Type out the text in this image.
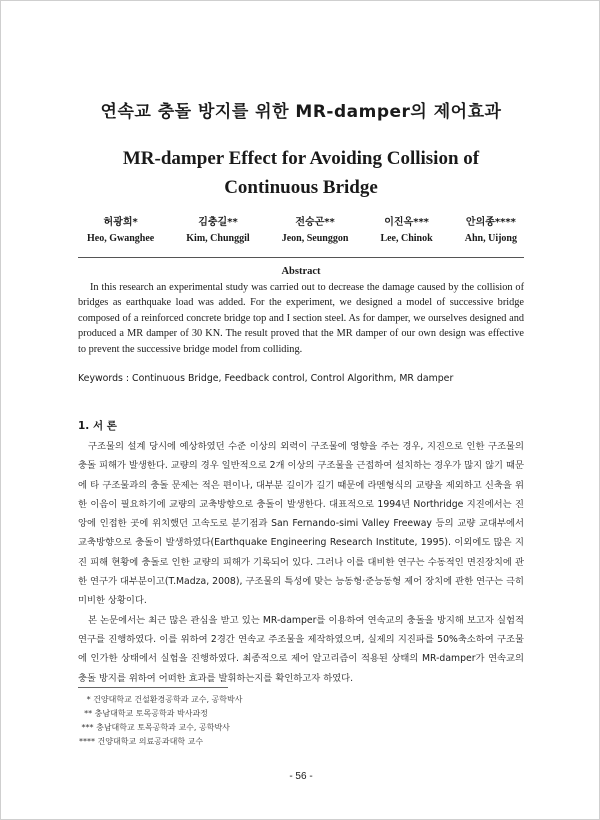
연속교 충돌 방지를 위한 MR-damper의 제어효과
MR-damper Effect for Avoiding Collision of
Continuous Bridge
허광희*
Heo, Gwanghee
김충길**
Kim, Chunggil
전승곤**
Jeon, Seunggon
이진옥***
Lee, Chinok
안의종****
Ahn, Uijong
Abstract

In this research an experimental study was carried out to decrease the damage caused by the collision of bridges as earthquake load was added. For the experiment, we designed a model of successive bridge composed of a reinforced concrete bridge top and I section steel. As for damper, we ourselves designed and produced a MR damper of 30 KN. The result proved that the MR damper of our own design was effective to prevent the successive bridge model from colliding.

Keywords : Continuous Bridge, Feedback control, Control Algorithm, MR damper
1. 서 론

구조물의 설계 당시에 예상하였던 수준 이상의 외력이 구조물에 영향을 주는 경우, 지진으로 인한 구조물의 충돌 피해가 발생한다. 교량의 경우 일반적으로 2개 이상의 구조물을 근접하여 설치하는 경우가 많지 않기 때문에 타 구조물과의 충돌 문제는 적은 편이나, 대부분 길이가 길기 때문에 라멘형식의 교량을 제외하고 신축을 위한 이음이 필요하기에 교량의 교축방향으로 충돌이 발생한다. 대표적으로 1994년 Northridge 지진에서는 진앙에 인접한 곳에 위치했던 고속도로 분기점과 San Fernando-simi Valley Freeway 등의 교량 교대부에서 교축방향으로 충돌이 발생하였다(Earthquake Engineering Research Institute, 1995). 이외에도 많은 지진 피해 현황에 충돌로 인한 교량의 피해가 기록되어 있다. 그러나 이를 대비한 연구는 수동적인 면진장치에 관한 연구가 대부분이고(T.Madza, 2008), 구조물의 특성에 맞는 능동형·준능동형 제어 장치에 관한 연구는 극히 미비한 상황이다.

본 논문에서는 최근 많은 관심을 받고 있는 MR-damper를 이용하여 연속교의 충돌을 방지해 보고자 실험적 연구를 진행하였다. 이를 위하여 2경간 연속교 주조물을 제작하였으며, 실제의 지진파를 50%축소하여 구조물에 인가한 상태에서 실험을 진행하였다. 최종적으로 제어 알고리즘이 적용된 상태의 MR-damper가 연속교의 충돌 방지를 위하여 어떠한 효과를 발휘하는지를 확인하고자 하였다.

* 건양대학교 건설환경공학과 교수, 공학박사
** 충남대학교 토목공학과 박사과정
*** 충남대학교 토목공학과 교수, 공학박사
**** 건양대학교 의료공과대학 교수
- 56 -
